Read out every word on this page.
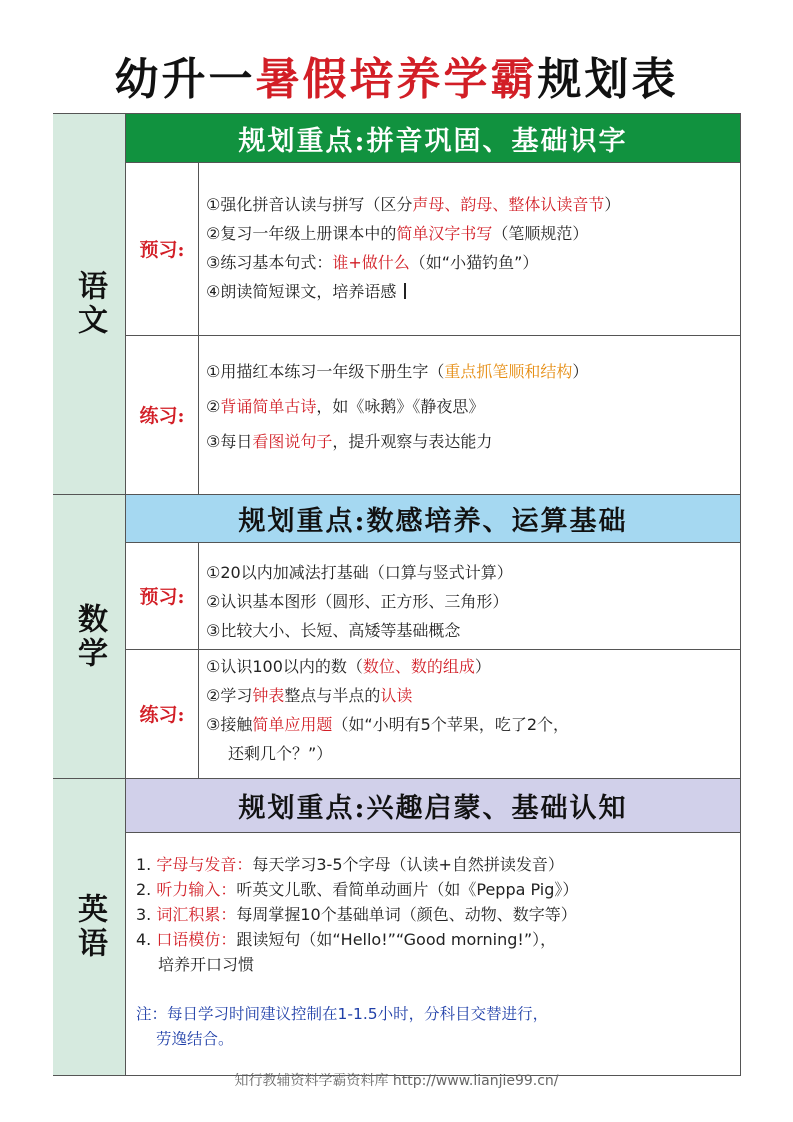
幼升一暑假培养学霸规划表
语文
规划重点:拼音巩固、基础识字
预习:
①强化拼音认读与拼写（区分声母、韵母、整体认读音节）
②复习一年级上册课本中的简单汉字书写（笔顺规范）
③练习基本句式：谁+做什么（如“小猫钓鱼”）
④朗读简短课文，培养语感
练习:
①用描红本练习一年级下册生字（重点抓笔顺和结构）
②背诵简单古诗，如《咏鹅》《静夜思》
③每日看图说句子，提升观察与表达能力
数学
规划重点:数感培养、运算基础
预习:
①20以内加减法打基础（口算与竖式计算）
②认识基本图形（圆形、正方形、三角形）
③比较大小、长短、高矮等基础概念
练习:
①认识100以内的数（数位、数的组成）
②学习钟表整点与半点的认读
③接触简单应用题（如“小明有5个苹果，吃了2个，
还剩几个？”）
英语
规划重点:兴趣启蒙、基础认知
1. 字母与发音：每天学习3-5个字母（认读+自然拼读发音）
2. 听力输入：听英文儿歌、看简单动画片（如《Peppa Pig》）
3. 词汇积累：每周掌握10个基础单词（颜色、动物、数字等）
4. 口语模仿：跟读短句（如“Hello!”“Good morning!”），
培养开口习惯
注：每日学习时间建议控制在1-1.5小时，分科目交替进行，
劳逸结合。
知行教辅资料学霸资料库 http://www.lianjie99.cn/
